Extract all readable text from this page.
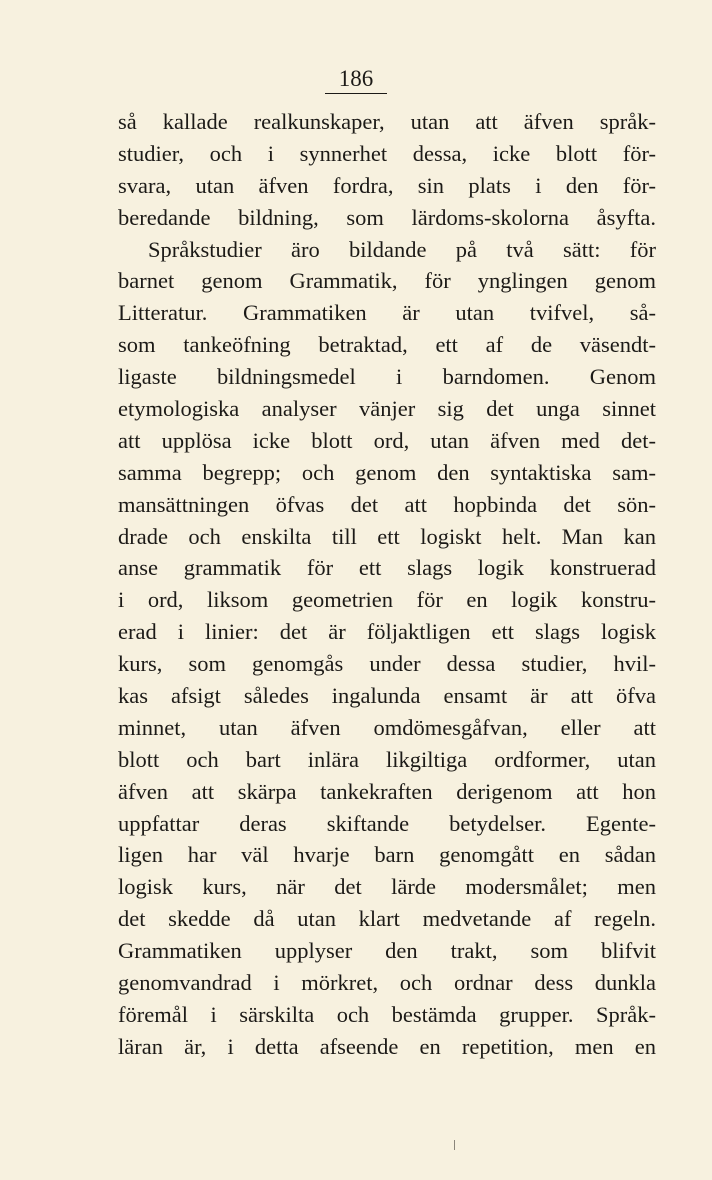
186
så kallade realkunskaper, utan att äfven språk-
studier, och i synnerhet dessa, icke blott för-
svara, utan äfven fordra, sin plats i den för-
beredande bildning, som lärdoms-skolorna åsyfta.
Språkstudier äro bildande på två sätt: för
barnet genom Grammatik, för ynglingen genom
Litteratur. Grammatiken är utan tvifvel, så-
som tankeöfning betraktad, ett af de väsendt-
ligaste bildningsmedel i barndomen. Genom
etymologiska analyser vänjer sig det unga sinnet
att upplösa icke blott ord, utan äfven med det-
samma begrepp; och genom den syntaktiska sam-
mansättningen öfvas det att hopbinda det sön-
drade och enskilta till ett logiskt helt. Man kan
anse grammatik för ett slags logik konstruerad
i ord, liksom geometrien för en logik konstru-
erad i linier: det är följaktligen ett slags logisk
kurs, som genomgås under dessa studier, hvil-
kas afsigt således ingalunda ensamt är att öfva
minnet, utan äfven omdömesgåfvan, eller att
blott och bart inlära likgiltiga ordformer, utan
äfven att skärpa tankekraften derigenom att hon
uppfattar deras skiftande betydelser. Egente-
ligen har väl hvarje barn genomgått en sådan
logisk kurs, när det lärde modersmålet; men
det skedde då utan klart medvetande af regeln.
Grammatiken upplyser den trakt, som blifvit
genomvandrad i mörkret, och ordnar dess dunkla
föremål i särskilta och bestämda grupper. Språk-
läran är, i detta afseende en repetition, men en
